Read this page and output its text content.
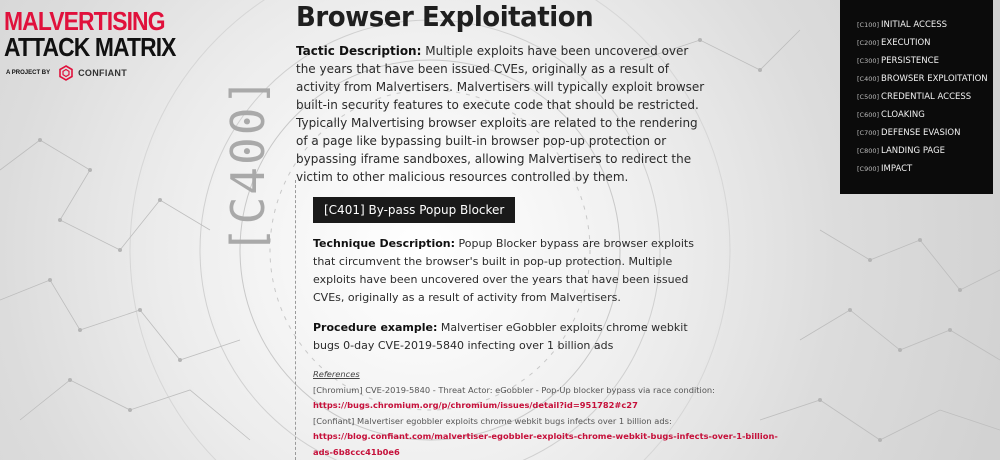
MALVERTISING
ATTACK MATRIX
A PROJECT BY	CONFIANT
[C400]
Browser Exploitation

Tactic Description: Multiple exploits have been uncovered over the years that have been issued CVEs, originally as a result of activity from Malvertisers. Malvertisers will typically exploit browser built-in security features to execute code that should be restricted. Typically Malvertising browser exploits are related to the rendering of a page like bypassing built-in browser pop-up protection or bypassing iframe sandboxes, allowing Malvertisers to redirect the victim to other malicious resources controlled by them.

[C401] By-pass Popup Blocker

Technique Description: Popup Blocker bypass are browser exploits that circumvent the browser's built in pop-up protection. Multiple exploits have been uncovered over the years that have been issued CVEs, originally as a result of activity from Malvertisers.

Procedure example: Malvertiser eGobbler exploits chrome webkit bugs 0-day CVE-2019-5840 infecting over 1 billion ads

References
[Chromium] CVE-2019-5840 - Threat Actor: eGobbler - Pop-Up blocker bypass via race condition:
https://bugs.chromium.org/p/chromium/issues/detail?id=951782#c27
[Confiant] Malvertiser egobbler exploits chrome webkit bugs infects over 1 billion ads:
https://blog.confiant.com/malvertiser-egobbler-exploits-chrome-webkit-bugs-infects-over-1-billion-
ads-6b8ccc41b0e6
[C100] INITIAL ACCESS
[C200] EXECUTION
[C300] PERSISTENCE
[C400] BROWSER EXPLOITATION
[C500] CREDENTIAL ACCESS
[C600] CLOAKING
[C700] DEFENSE EVASION
[C800] LANDING PAGE
[C900] IMPACT
